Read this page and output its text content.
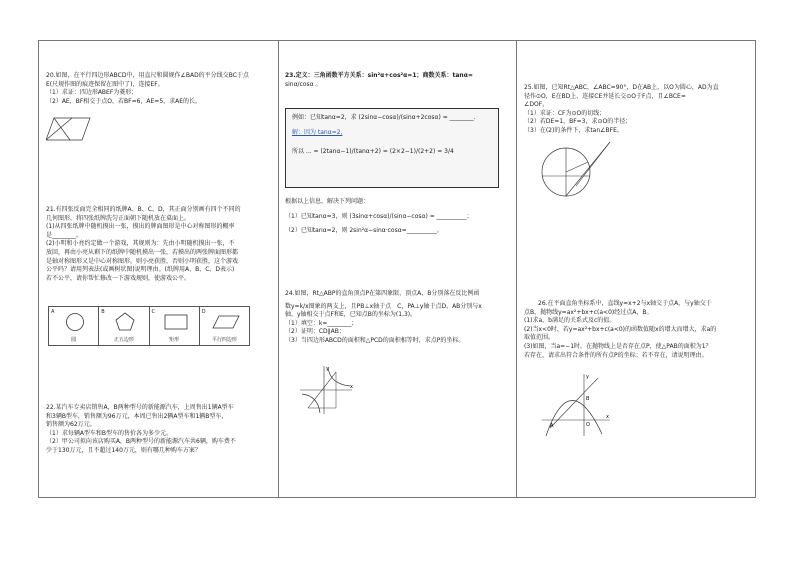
20.如图，在平行四边形ABCD中，用直尺和圆规作∠BAD的平分线交BC于点

E(尺规作图的痕迹保留在图中了)，连接EF。

（1）求证：四边形ABEF为菱形；

（2）AE，BF相交于点O，若BF=6，AE=5，求AE的长。

21.有四张反面完全相同的纸牌A、B、C、D，其正面分别画有四个不同的

几何图形，将四张纸牌洗匀正面朝下随机放在桌面上。

(1)从四张纸牌中随机摸出一张，摸出的牌面图形是中心对称图形的概率

是________。

(2)小明和小亮约定做一个游戏，其规则为：先由小明随机摸出一张，不

放回，再由小亮从剩下的纸牌中随机摸出一张，若摸出的两张牌面图形都

是轴对称图形又是中心对称图形，则小亮获胜，否则小明获胜，这个游戏

公平吗？请用列表法(或画树状图)说明理由。(纸牌用A、B、C、D表示)

若不公平，请你帮忙修改一下游戏规则，使游戏公平。

A
圆
B
正五边形
C
矩形
D
平行四边形

22.某汽车专卖店销售A，B两种型号的新能源汽车，上周售出1辆A型车

和3辆B型车，销售额为96万元，本周已售出2辆A型车和1辆B型车，

销售额为62万元。

（1）求每辆A型车和B型车的售价各为多少元。

（2）甲公司拟向该店购买A，B两种型号的新能源汽车共6辆，购车费不

少于130万元，且不超过140万元，则有哪几种购车方案？

23.定义：三角函数平方关系：sin²α+cos²α=1；商数关系：tanα=

sinα/cosα 。

例如：已知tanα=2，求 (2sinα−cosα)/(sinα+2cosα) = ________.

解：因为 tanα=2,

所以 ... = (2tanα−1)/(tanα+2) = (2×2−1)/(2+2) = 3/4

根据以上信息，解决下列问题：

（1）已知tanα=3，则 (3sinα+cosα)/(sinα−cosα) = __________；

（2）已知tanα=2，则 2sin²α−sinα·cosα=__________。

24.如图，Rt△ABP的直角顶点P在第四象限，顶点A、B分别落在反比例函

数y=k/x图象的两支上，且PB⊥x轴于点　C，PA⊥y轴于点D，AB分别与x

轴，y轴相交于点F和E，已知点B的坐标为(1,3)。

（1）填空：k=________；

（2）证明：CD∥AB；

（3）当四边形ABCD的面积和△PCD的面积相等时，求点P的坐标。

x
y

25.如图，已知Rt△ABC，∠ABC=90°，D在AB上，以O为圆心，AD为直

径作⊙O，E在BD上，连接CE并延长交⊙O于F点，且∠BCE=

∠DOF。

（1）求证：CF为⊙O的切线；

（2）若DE=1，BF=3，求⊙O的半径；

（3）在(2)的条件下，求tan∠BFE。

26.在平面直角坐标系中，直线y=x+2与x轴交于点A，与y轴交于

点B，抛物线y=ax²+bx+c(a<0)经过点A，B。

(1)求a，b满足的关系式及c的值。

(2)当x<0时，若y=ax²+bx+c(a<0)的函数值随x的增大而增大，求a的

取值范围。

(3)如图，当a=−1时，在抛物线上是否存在点P，使△PAB的面积为1？

若存在，请求出符合条件的所有点P的坐标；若不存在，请说明理由。

x
y
A	O
B
